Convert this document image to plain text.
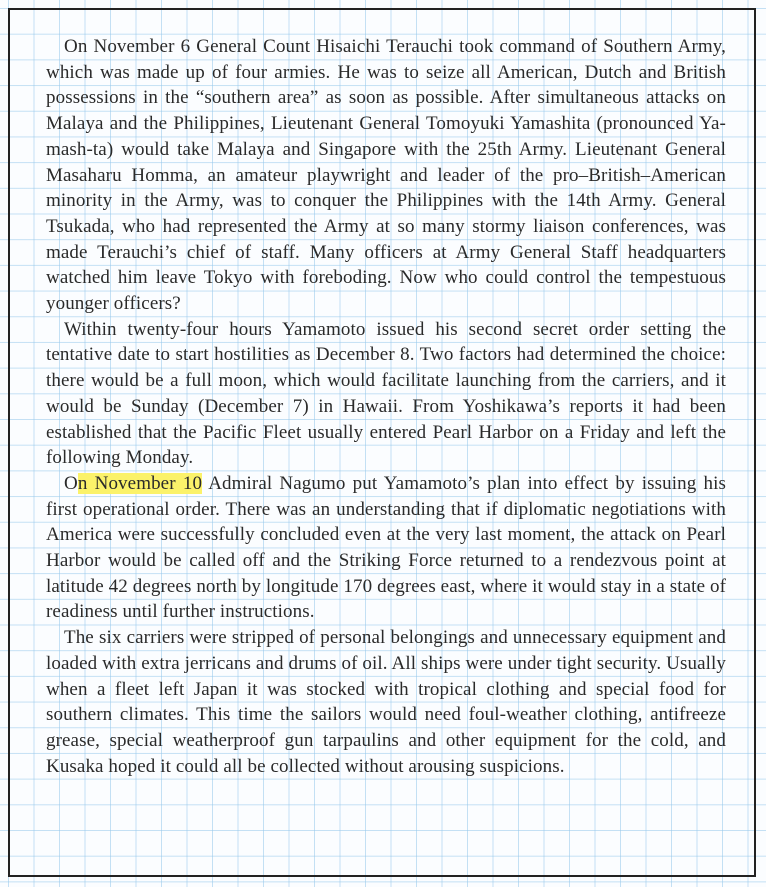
On November 6 General Count Hisaichi Terauchi took command of Southern Army, which was made up of four armies. He was to seize all American, Dutch and British possessions in the “southern area” as soon as possible. After simultaneous attacks on Malaya and the Philippines, Lieutenant General Tomoyuki Yamashita (pronounced Ya-mash-ta) would take Malaya and Singapore with the 25th Army. Lieutenant General Masaharu Homma, an amateur playwright and leader of the pro–British–American minority in the Army, was to conquer the Philippines with the 14th Army. General Tsukada, who had represented the Army at so many stormy liaison conferences, was made Terauchi’s chief of staff. Many officers at Army General Staff headquarters watched him leave Tokyo with foreboding. Now who could control the tempestuous younger officers?

Within twenty-four hours Yamamoto issued his second secret order setting the tentative date to start hostilities as December 8. Two factors had determined the choice: there would be a full moon, which would facilitate launching from the carriers, and it would be Sunday (December 7) in Hawaii. From Yoshikawa’s reports it had been established that the Pacific Fleet usually entered Pearl Harbor on a Friday and left the following Monday.

On November 10 Admiral Nagumo put Yamamoto’s plan into effect by issuing his first operational order. There was an understanding that if diplomatic negotiations with America were successfully concluded even at the very last moment, the attack on Pearl Harbor would be called off and the Striking Force returned to a rendezvous point at latitude 42 degrees north by longitude 170 degrees east, where it would stay in a state of readiness until further instructions.

The six carriers were stripped of personal belongings and unnecessary equipment and loaded with extra jerricans and drums of oil. All ships were under tight security. Usually when a fleet left Japan it was stocked with tropical clothing and special food for southern climates. This time the sailors would need foul-weather clothing, antifreeze grease, special weatherproof gun tarpaulins and other equipment for the cold, and Kusaka hoped it could all be collected without arousing suspicions.
